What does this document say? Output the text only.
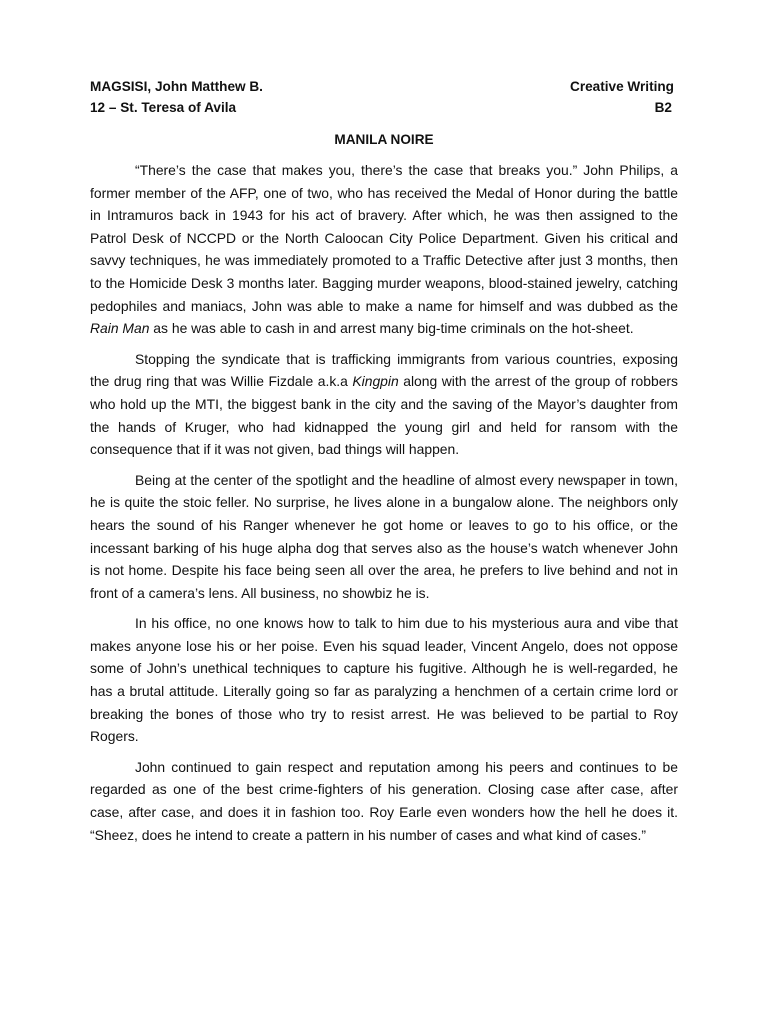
MAGSISI, John Matthew B.	Creative Writing
12 – St. Teresa of Avila	B2
MANILA NOIRE

“There’s the case that makes you, there’s the case that breaks you.” John Philips, a former member of the AFP, one of two, who has received the Medal of Honor during the battle in Intramuros back in 1943 for his act of bravery. After which, he was then assigned to the Patrol Desk of NCCPD or the North Caloocan City Police Department. Given his critical and savvy techniques, he was immediately promoted to a Traffic Detective after just 3 months, then to the Homicide Desk 3 months later. Bagging murder weapons, blood-stained jewelry, catching pedophiles and maniacs, John was able to make a name for himself and was dubbed as the Rain Man as he was able to cash in and arrest many big-time criminals on the hot-sheet.

Stopping the syndicate that is trafficking immigrants from various countries, exposing the drug ring that was Willie Fizdale a.k.a Kingpin along with the arrest of the group of robbers who hold up the MTI, the biggest bank in the city and the saving of the Mayor’s daughter from the hands of Kruger, who had kidnapped the young girl and held for ransom with the consequence that if it was not given, bad things will happen.

Being at the center of the spotlight and the headline of almost every newspaper in town, he is quite the stoic feller. No surprise, he lives alone in a bungalow alone. The neighbors only hears the sound of his Ranger whenever he got home or leaves to go to his office, or the incessant barking of his huge alpha dog that serves also as the house’s watch whenever John is not home. Despite his face being seen all over the area, he prefers to live behind and not in front of a camera’s lens. All business, no showbiz he is.

In his office, no one knows how to talk to him due to his mysterious aura and vibe that makes anyone lose his or her poise. Even his squad leader, Vincent Angelo, does not oppose some of John’s unethical techniques to capture his fugitive. Although he is well-regarded, he has a brutal attitude. Literally going so far as paralyzing a henchmen of a certain crime lord or breaking the bones of those who try to resist arrest. He was believed to be partial to Roy Rogers.

John continued to gain respect and reputation among his peers and continues to be regarded as one of the best crime-fighters of his generation. Closing case after case, after case, after case, and does it in fashion too. Roy Earle even wonders how the hell he does it. “Sheez, does he intend to create a pattern in his number of cases and what kind of cases.”
